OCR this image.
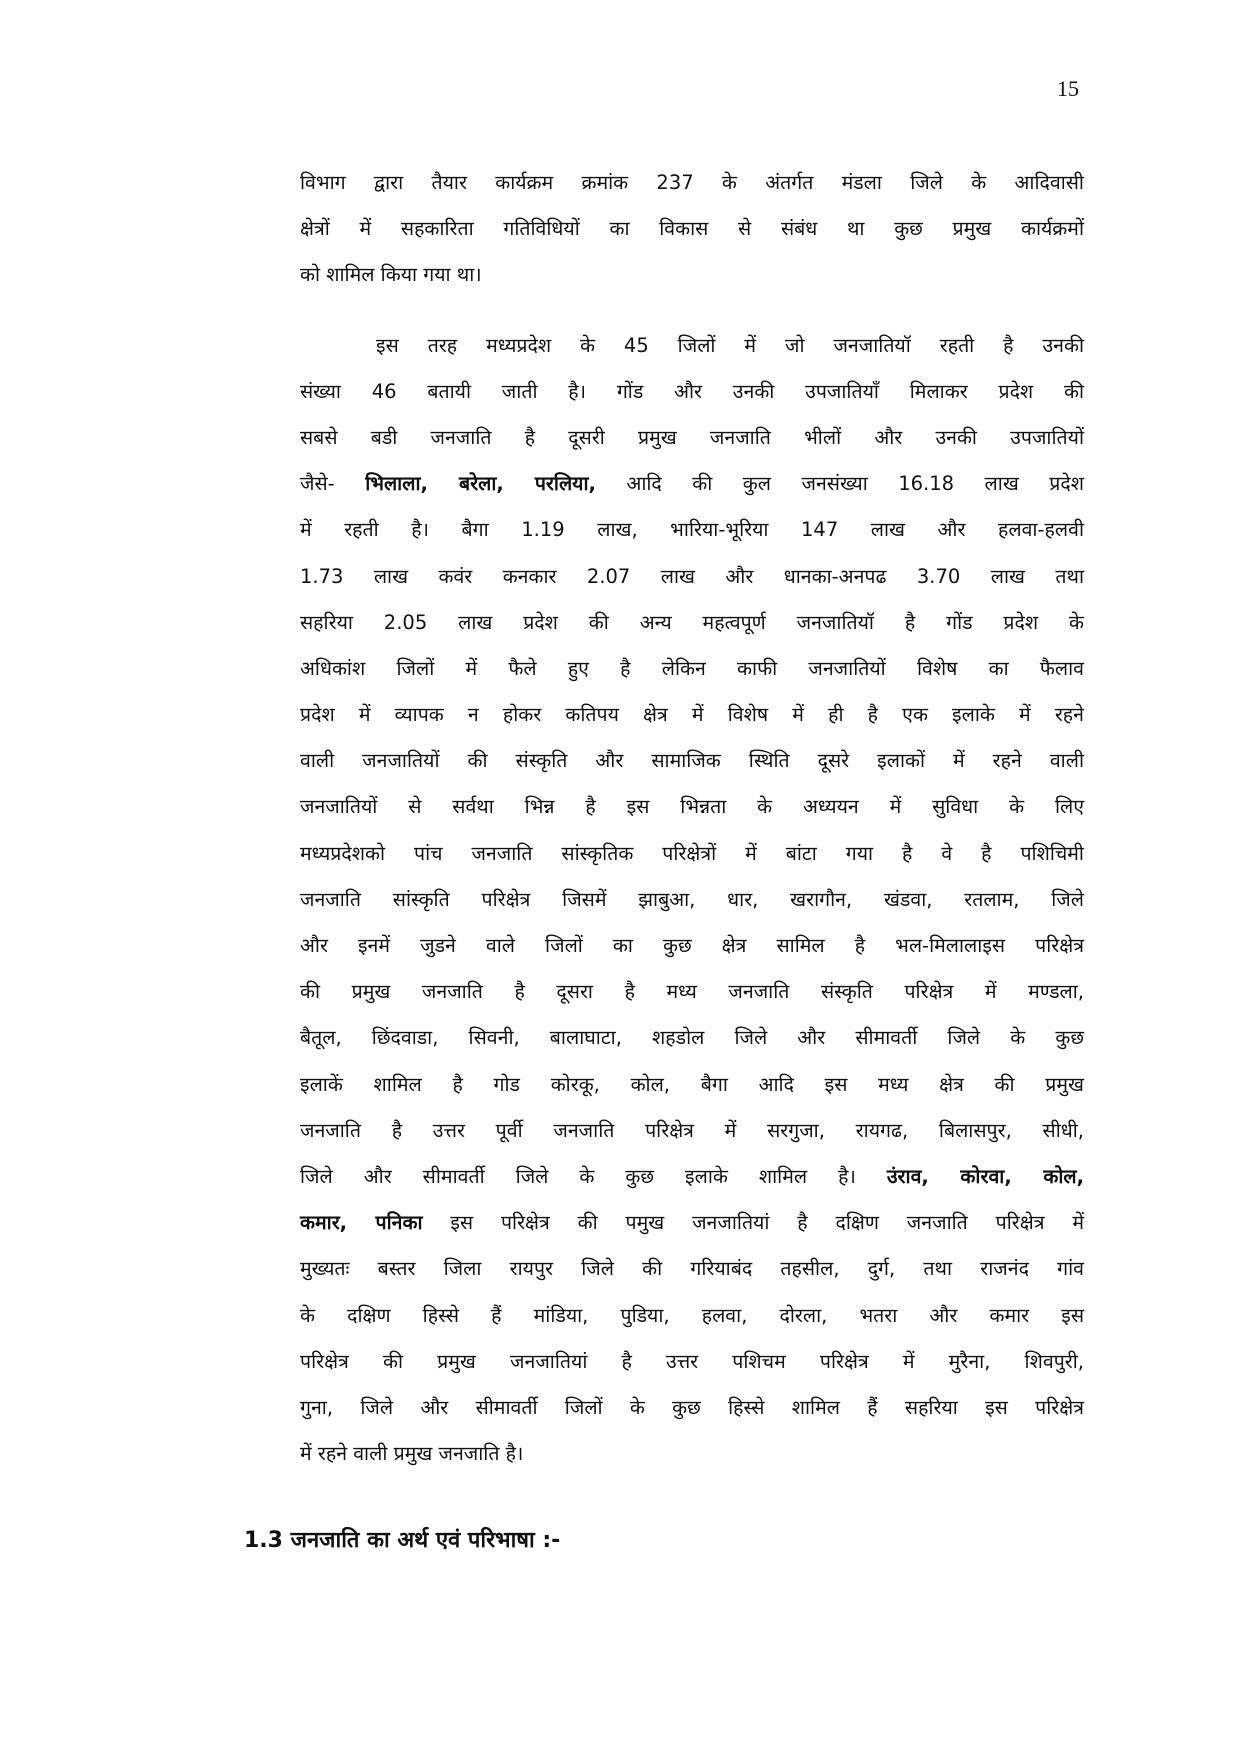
15
विभाग द्वारा तैयार कार्यक्रम क्रमांक 237 के अंतर्गत मंडला जिले के आदिवासी
क्षेत्रों में सहकारिता गतिविधियों का विकास से संबंध था कुछ प्रमुख कार्यक्रमों
को शामिल किया गया था।
इस तरह मध्यप्रदेश के 45 जिलों में जो जनजातियॉ रहती है उनकी
संख्या 46 बतायी जाती है। गोंड और उनकी उपजातियाँ मिलाकर प्रदेश की
सबसे बडी जनजाति है दूसरी प्रमुख जनजाति भीलों और उनकी उपजातियों
जैसे- भिलाला, बरेला, परलिया, आदि की कुल जनसंख्या 16.18 लाख प्रदेश
में रहती है। बैगा 1.19 लाख, भारिया-भूरिया 147 लाख और हलवा-हलवी
1.73 लाख कवंर कनकार 2.07 लाख और धानका-अनपढ 3.70 लाख तथा
सहरिया 2.05 लाख प्रदेश की अन्य महत्वपूर्ण जनजातियॉ है गोंड प्रदेश के
अधिकांश जिलों में फैले हुए है लेकिन काफी जनजातियों विशेष का फैलाव
प्रदेश में व्यापक न होकर कतिपय क्षेत्र में विशेष में ही है एक इलाके में रहने
वाली जनजातियों की संस्कृति और सामाजिक स्थिति दूसरे इलाकों में रहने वाली
जनजातियों से सर्वथा भिन्न है इस भिन्नता के अध्ययन में सुविधा के लिए
मध्यप्रदेशको पांच जनजाति सांस्कृतिक परिक्षेत्रों में बांटा गया है वे है पशिचिमी
जनजाति सांस्कृति परिक्षेत्र जिसमें झाबुआ, धार, खरागौन, खंडवा, रतलाम, जिले
और इनमें जुडने वाले जिलों का कुछ क्षेत्र सामिल है भल-मिलालाइस परिक्षेत्र
की प्रमुख जनजाति है दूसरा है मध्य जनजाति संस्कृति परिक्षेत्र में मण्डला,
बैतूल, छिंदवाडा, सिवनी, बालाघाटा, शहडोल जिले और सीमावर्ती जिले के कुछ
इलाकें शामिल है गोड कोरकू, कोल, बैगा आदि इस मध्य क्षेत्र की प्रमुख
जनजाति है उत्तर पूर्वी जनजाति परिक्षेत्र में सरगुजा, रायगढ, बिलासपुर, सीधी,
जिले और सीमावर्ती जिले के कुछ इलाके शामिल है। उंराव, कोरवा, कोल,
कमार, पनिका इस परिक्षेत्र की पमुख जनजातियां है दक्षिण जनजाति परिक्षेत्र में
मुख्यतः बस्तर जिला रायपुर जिले की गरियाबंद तहसील, दुर्ग, तथा राजनंद गांव
के दक्षिण हिस्से हैं मांडिया, पुडिया, हलवा, दोरला, भतरा और कमार इस
परिक्षेत्र की प्रमुख जनजातियां है उत्तर पशिचम परिक्षेत्र में मुरैना, शिवपुरी,
गुना, जिले और सीमावर्ती जिलों के कुछ हिस्से शामिल हैं सहरिया इस परिक्षेत्र
में रहने वाली प्रमुख जनजाति है।
1.3 जनजाति का अर्थ एवं परिभाषा :-
